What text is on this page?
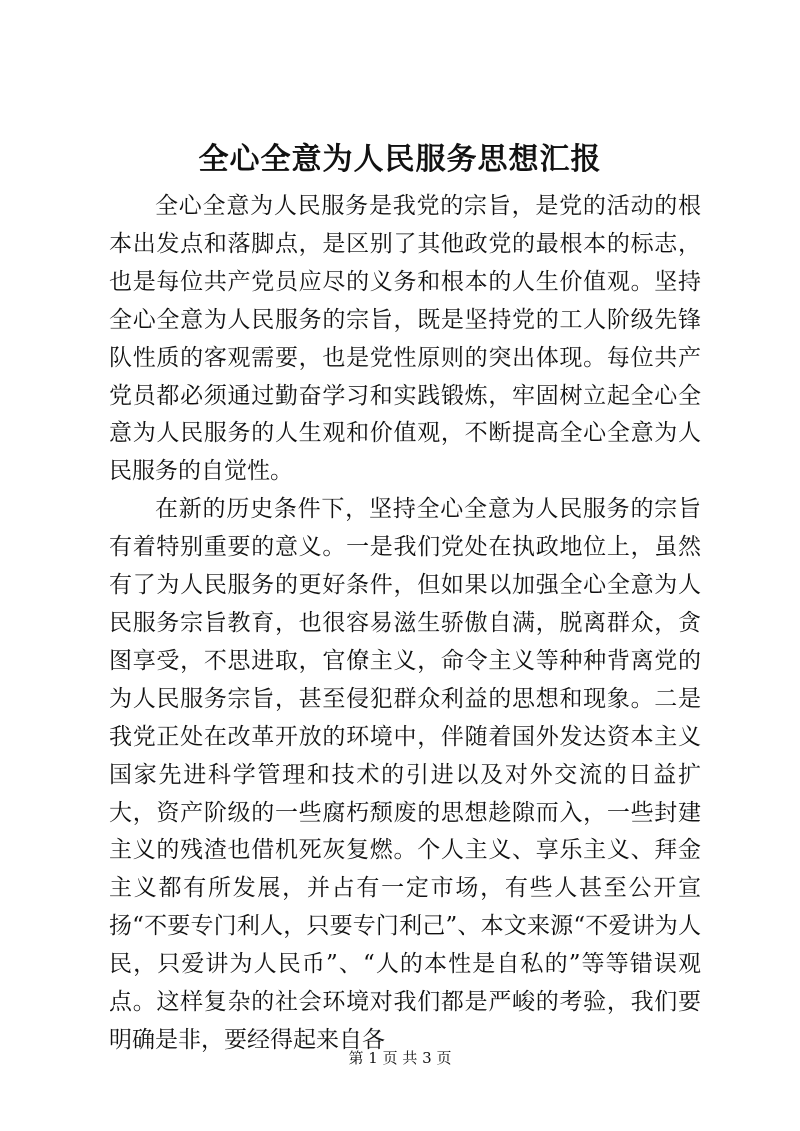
全心全意为人民服务思想汇报

全心全意为人民服务是我党的宗旨，是党的活动的根本出发点和落脚点，是区别了其他政党的最根本的标志，也是每位共产党员应尽的义务和根本的人生价值观。坚持全心全意为人民服务的宗旨，既是坚持党的工人阶级先锋队性质的客观需要，也是党性原则的突出体现。每位共产党员都必须通过勤奋学习和实践锻炼，牢固树立起全心全意为人民服务的人生观和价值观，不断提高全心全意为人民服务的自觉性。

在新的历史条件下，坚持全心全意为人民服务的宗旨有着特别重要的意义。一是我们党处在执政地位上，虽然有了为人民服务的更好条件，但如果以加强全心全意为人民服务宗旨教育，也很容易滋生骄傲自满，脱离群众，贪图享受，不思进取，官僚主义，命令主义等种种背离党的为人民服务宗旨，甚至侵犯群众利益的思想和现象。二是我党正处在改革开放的环境中，伴随着国外发达资本主义国家先进科学管理和技术的引进以及对外交流的日益扩大，资产阶级的一些腐朽颓废的思想趁隙而入，一些封建主义的残渣也借机死灰复燃。个人主义、享乐主义、拜金主义都有所发展，并占有一定市场，有些人甚至公开宣扬“不要专门利人，只要专门利己”、本文来源“不爱讲为人民，只爱讲为人民币”、“人的本性是自私的”等等错误观点。这样复杂的社会环境对我们都是严峻的考验，我们要明确是非，要经得起来自各

第 1 页 共 3 页
